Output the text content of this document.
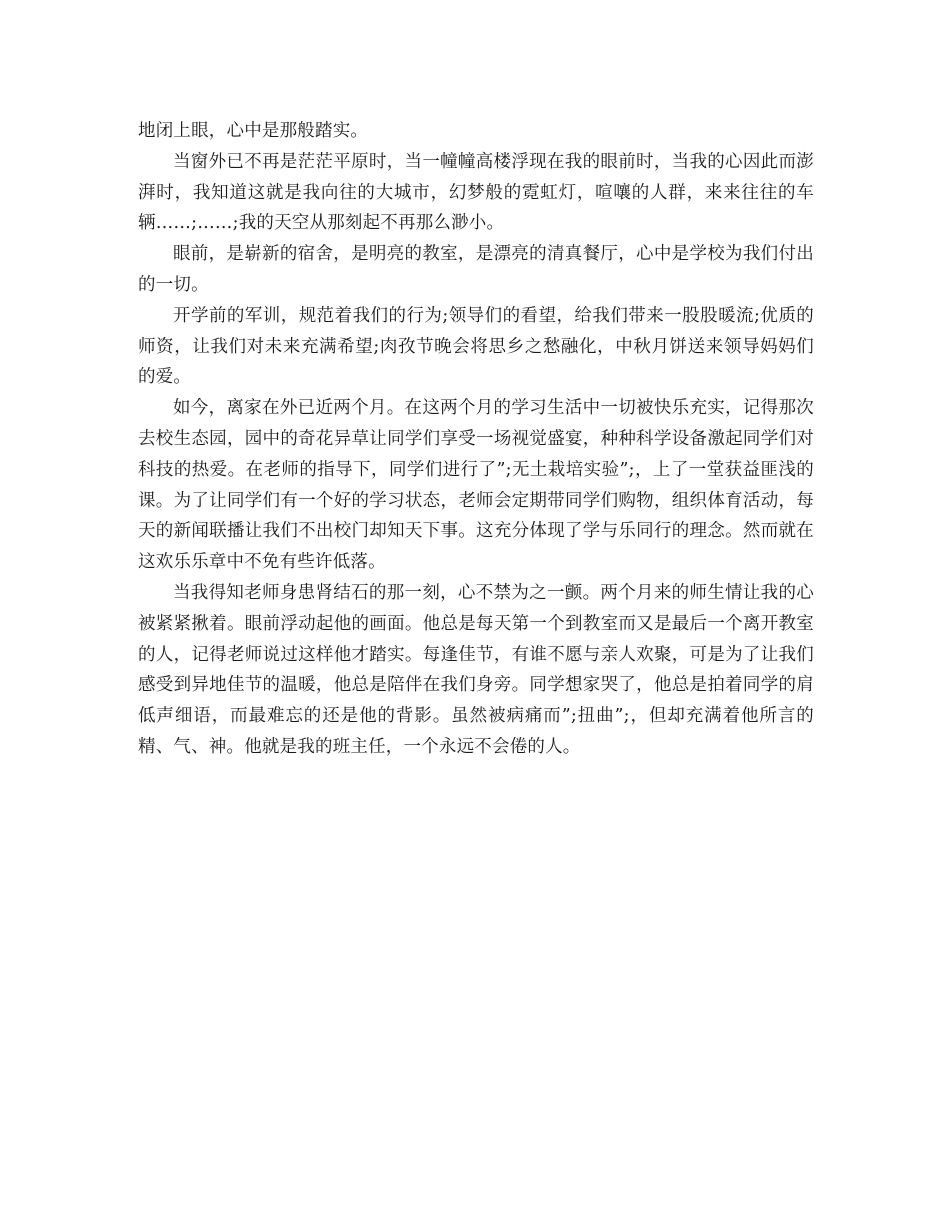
地闭上眼，心中是那般踏实。

当窗外已不再是茫茫平原时，当一幢幢高楼浮现在我的眼前时，当我的心因此而澎湃时，我知道这就是我向往的大城市，幻梦般的霓虹灯，喧嚷的人群，来来往往的车辆……;……;我的天空从那刻起不再那么渺小。

眼前，是崭新的宿舍，是明亮的教室，是漂亮的清真餐厅，心中是学校为我们付出的一切。

开学前的军训，规范着我们的行为;领导们的看望，给我们带来一股股暖流;优质的师资，让我们对未来充满希望;肉孜节晚会将思乡之愁融化，中秋月饼送来领导妈妈们的爱。

如今，离家在外已近两个月。在这两个月的学习生活中一切被快乐充实，记得那次去校生态园，园中的奇花异草让同学们享受一场视觉盛宴，种种科学设备激起同学们对科技的热爱。在老师的指导下，同学们进行了”;无土栽培实验”;，上了一堂获益匪浅的课。为了让同学们有一个好的学习状态，老师会定期带同学们购物，组织体育活动，每天的新闻联播让我们不出校门却知天下事。这充分体现了学与乐同行的理念。然而就在这欢乐乐章中不免有些许低落。

当我得知老师身患肾结石的那一刻，心不禁为之一颤。两个月来的师生情让我的心被紧紧揪着。眼前浮动起他的画面。他总是每天第一个到教室而又是最后一个离开教室的人，记得老师说过这样他才踏实。每逢佳节，有谁不愿与亲人欢聚，可是为了让我们感受到异地佳节的温暖，他总是陪伴在我们身旁。同学想家哭了，他总是拍着同学的肩低声细语，而最难忘的还是他的背影。虽然被病痛而”;扭曲”;，但却充满着他所言的精、气、神。他就是我的班主任，一个永远不会倦的人。
